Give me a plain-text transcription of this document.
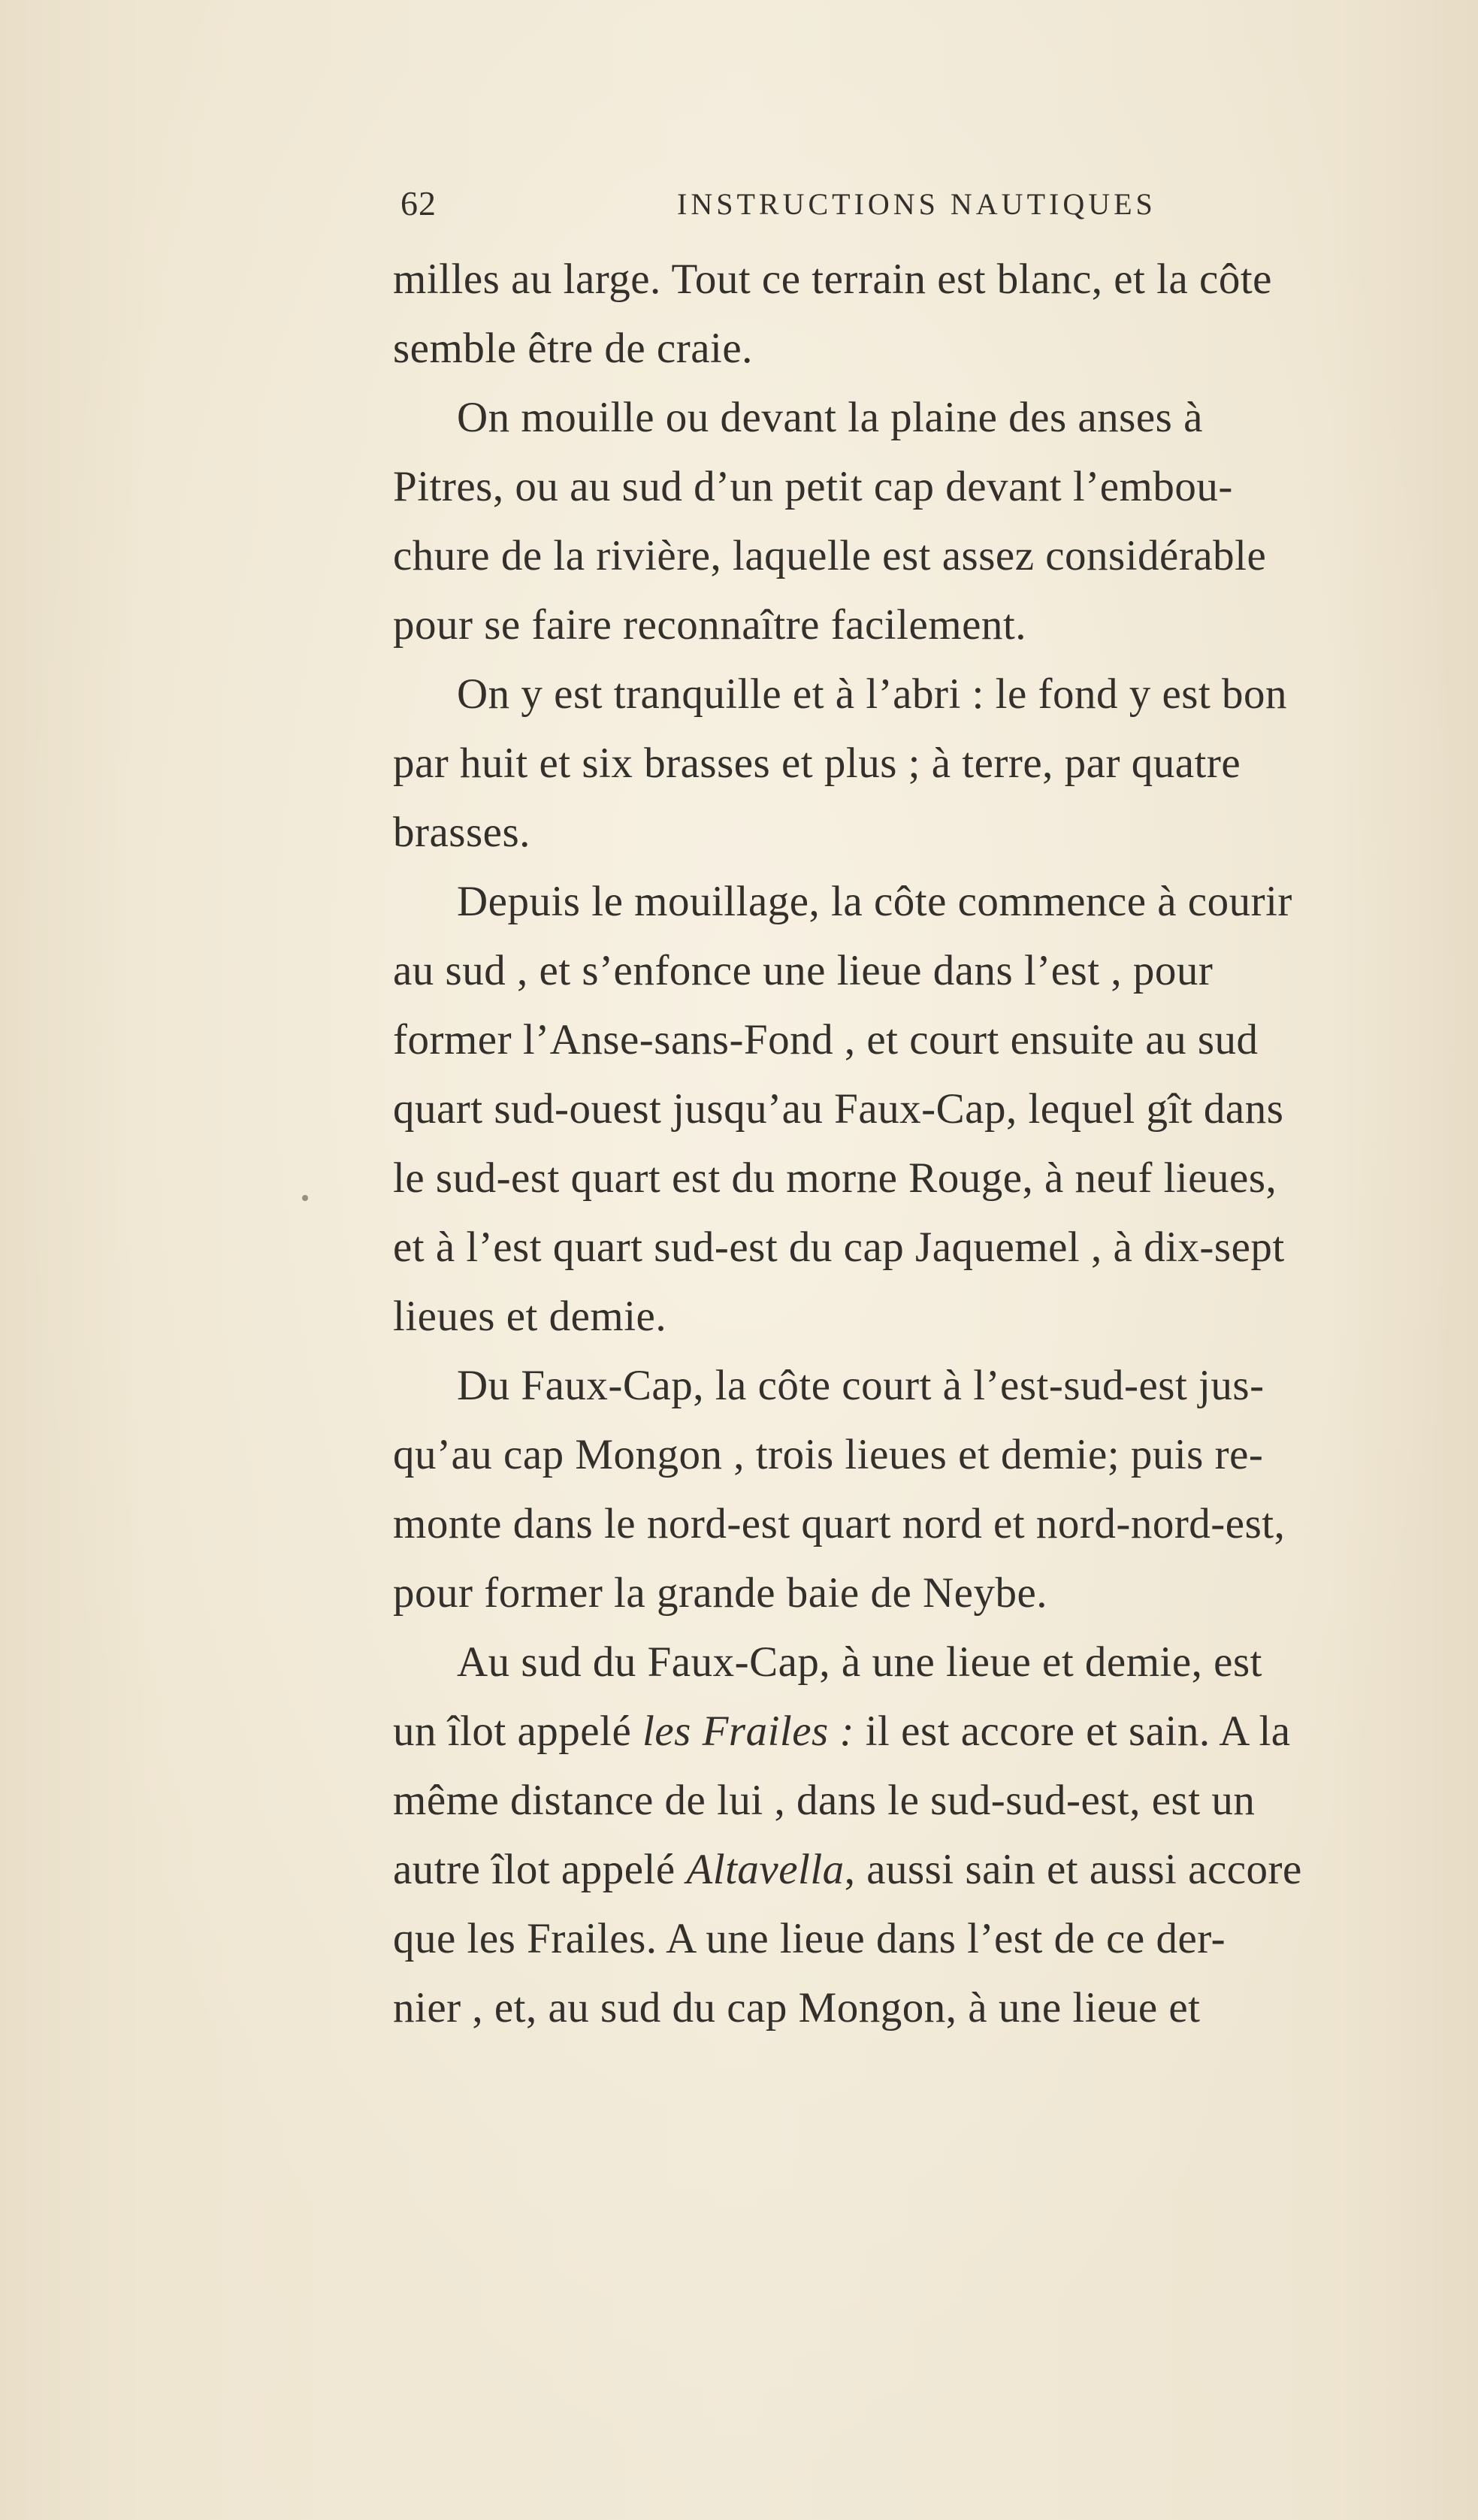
62	INSTRUCTIONS NAUTIQUES
milles au large. Tout ce terrain est blanc, et la côte
semble être de craie.
On mouille ou devant la plaine des anses à
Pitres, ou au sud d’un petit cap devant l’embou-
chure de la rivière, laquelle est assez considérable
pour se faire reconnaître facilement.
On y est tranquille et à l’abri : le fond y est bon
par huit et six brasses et plus ; à terre, par quatre
brasses.
Depuis le mouillage, la côte commence à courir
au sud , et s’enfonce une lieue dans l’est , pour
former l’Anse-sans-Fond , et court ensuite au sud
quart sud-ouest jusqu’au Faux-Cap, lequel gît dans
le sud-est quart est du morne Rouge, à neuf lieues,
et à l’est quart sud-est du cap Jaquemel , à dix-sept
lieues et demie.
Du Faux-Cap, la côte court à l’est-sud-est jus-
qu’au cap Mongon , trois lieues et demie; puis re-
monte dans le nord-est quart nord et nord-nord-est,
pour former la grande baie de Neybe.
Au sud du Faux-Cap, à une lieue et demie, est
un îlot appelé les Frailes : il est accore et sain. A la
même distance de lui , dans le sud-sud-est, est un
autre îlot appelé Altavella, aussi sain et aussi accore
que les Frailes. A une lieue dans l’est de ce der-
nier , et, au sud du cap Mongon, à une lieue et
